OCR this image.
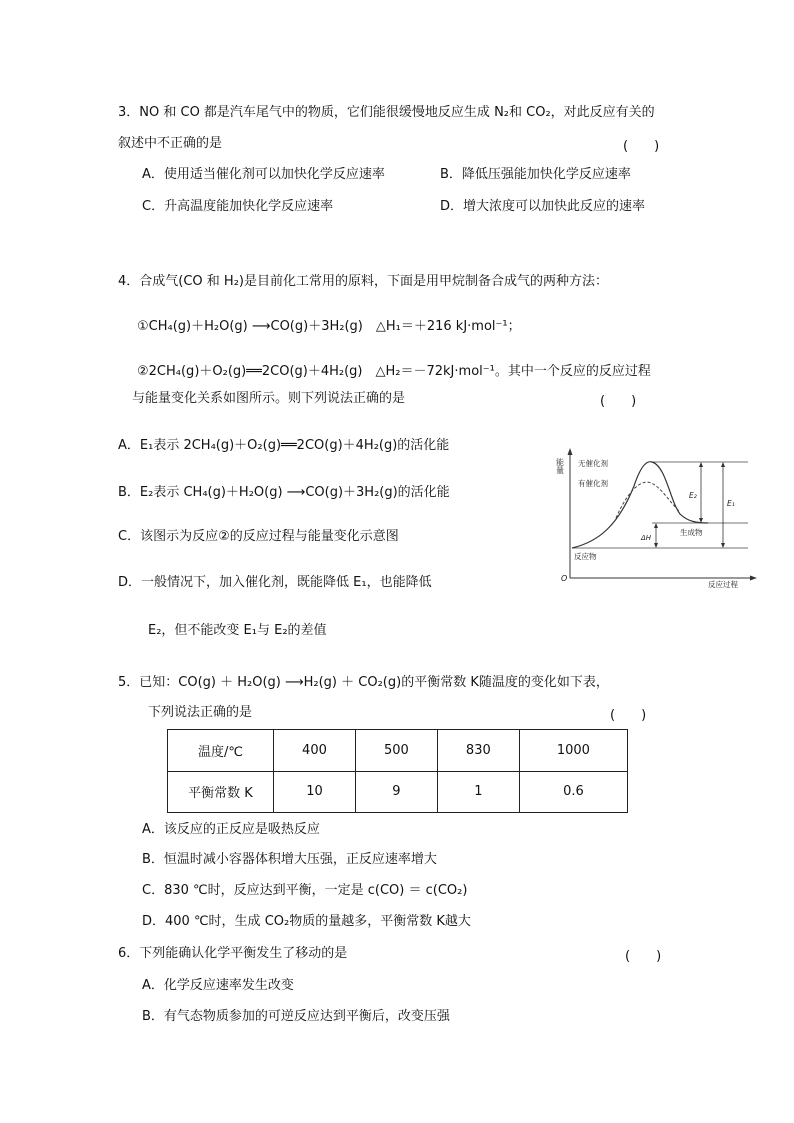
3．NO 和 CO 都是汽车尾气中的物质，它们能很缓慢地反应生成 N₂和 CO₂，对此反应有关的
叙述中不正确的是	(　　)
A．使用适当催化剂可以加快化学反应速率	B．降低压强能加快化学反应速率
C．升高温度能加快化学反应速率	D．增大浓度可以加快此反应的速率
4．合成气(CO 和 H₂)是目前化工常用的原料，下面是用甲烷制备合成气的两种方法：
①CH₄(g)＋H₂O(g) ⟶CO(g)＋3H₂(g)　△H₁＝＋216 kJ·mol⁻¹；
②2CH₄(g)＋O₂(g)══2CO(g)＋4H₂(g)　△H₂＝－72kJ·mol⁻¹。其中一个反应的反应过程
与能量变化关系如图所示。则下列说法正确的是	(　　)
A．E₁表示 2CH₄(g)＋O₂(g)══2CO(g)＋4H₂(g)的活化能
B．E₂表示 CH₄(g)＋H₂O(g) ⟶CO(g)＋3H₂(g)的活化能
C．该图示为反应②的反应过程与能量变化示意图
D．一般情况下，加入催化剂，既能降低 E₁，也能降低
E₂，但不能改变 E₁与 E₂的差值
能量
O
反应过程
无催化剂
有催化剂
生成物
反应物
ΔH
E₂
E₁
5．已知：CO(g) ＋ H₂O(g) ⟶H₂(g) ＋ CO₂(g)的平衡常数 K随温度的变化如下表，
下列说法正确的是	(　　)
温度/℃	400	500	830	1000
平衡常数 K	10	9	1	0.6
A．该反应的正反应是吸热反应
B．恒温时减小容器体积增大压强，正反应速率增大
C．830 ℃时，反应达到平衡，一定是 c(CO) ＝ c(CO₂)
D．400 ℃时，生成 CO₂物质的量越多，平衡常数 K越大
6．下列能确认化学平衡发生了移动的是	(　　)
A．化学反应速率发生改变
B．有气态物质参加的可逆反应达到平衡后，改变压强
